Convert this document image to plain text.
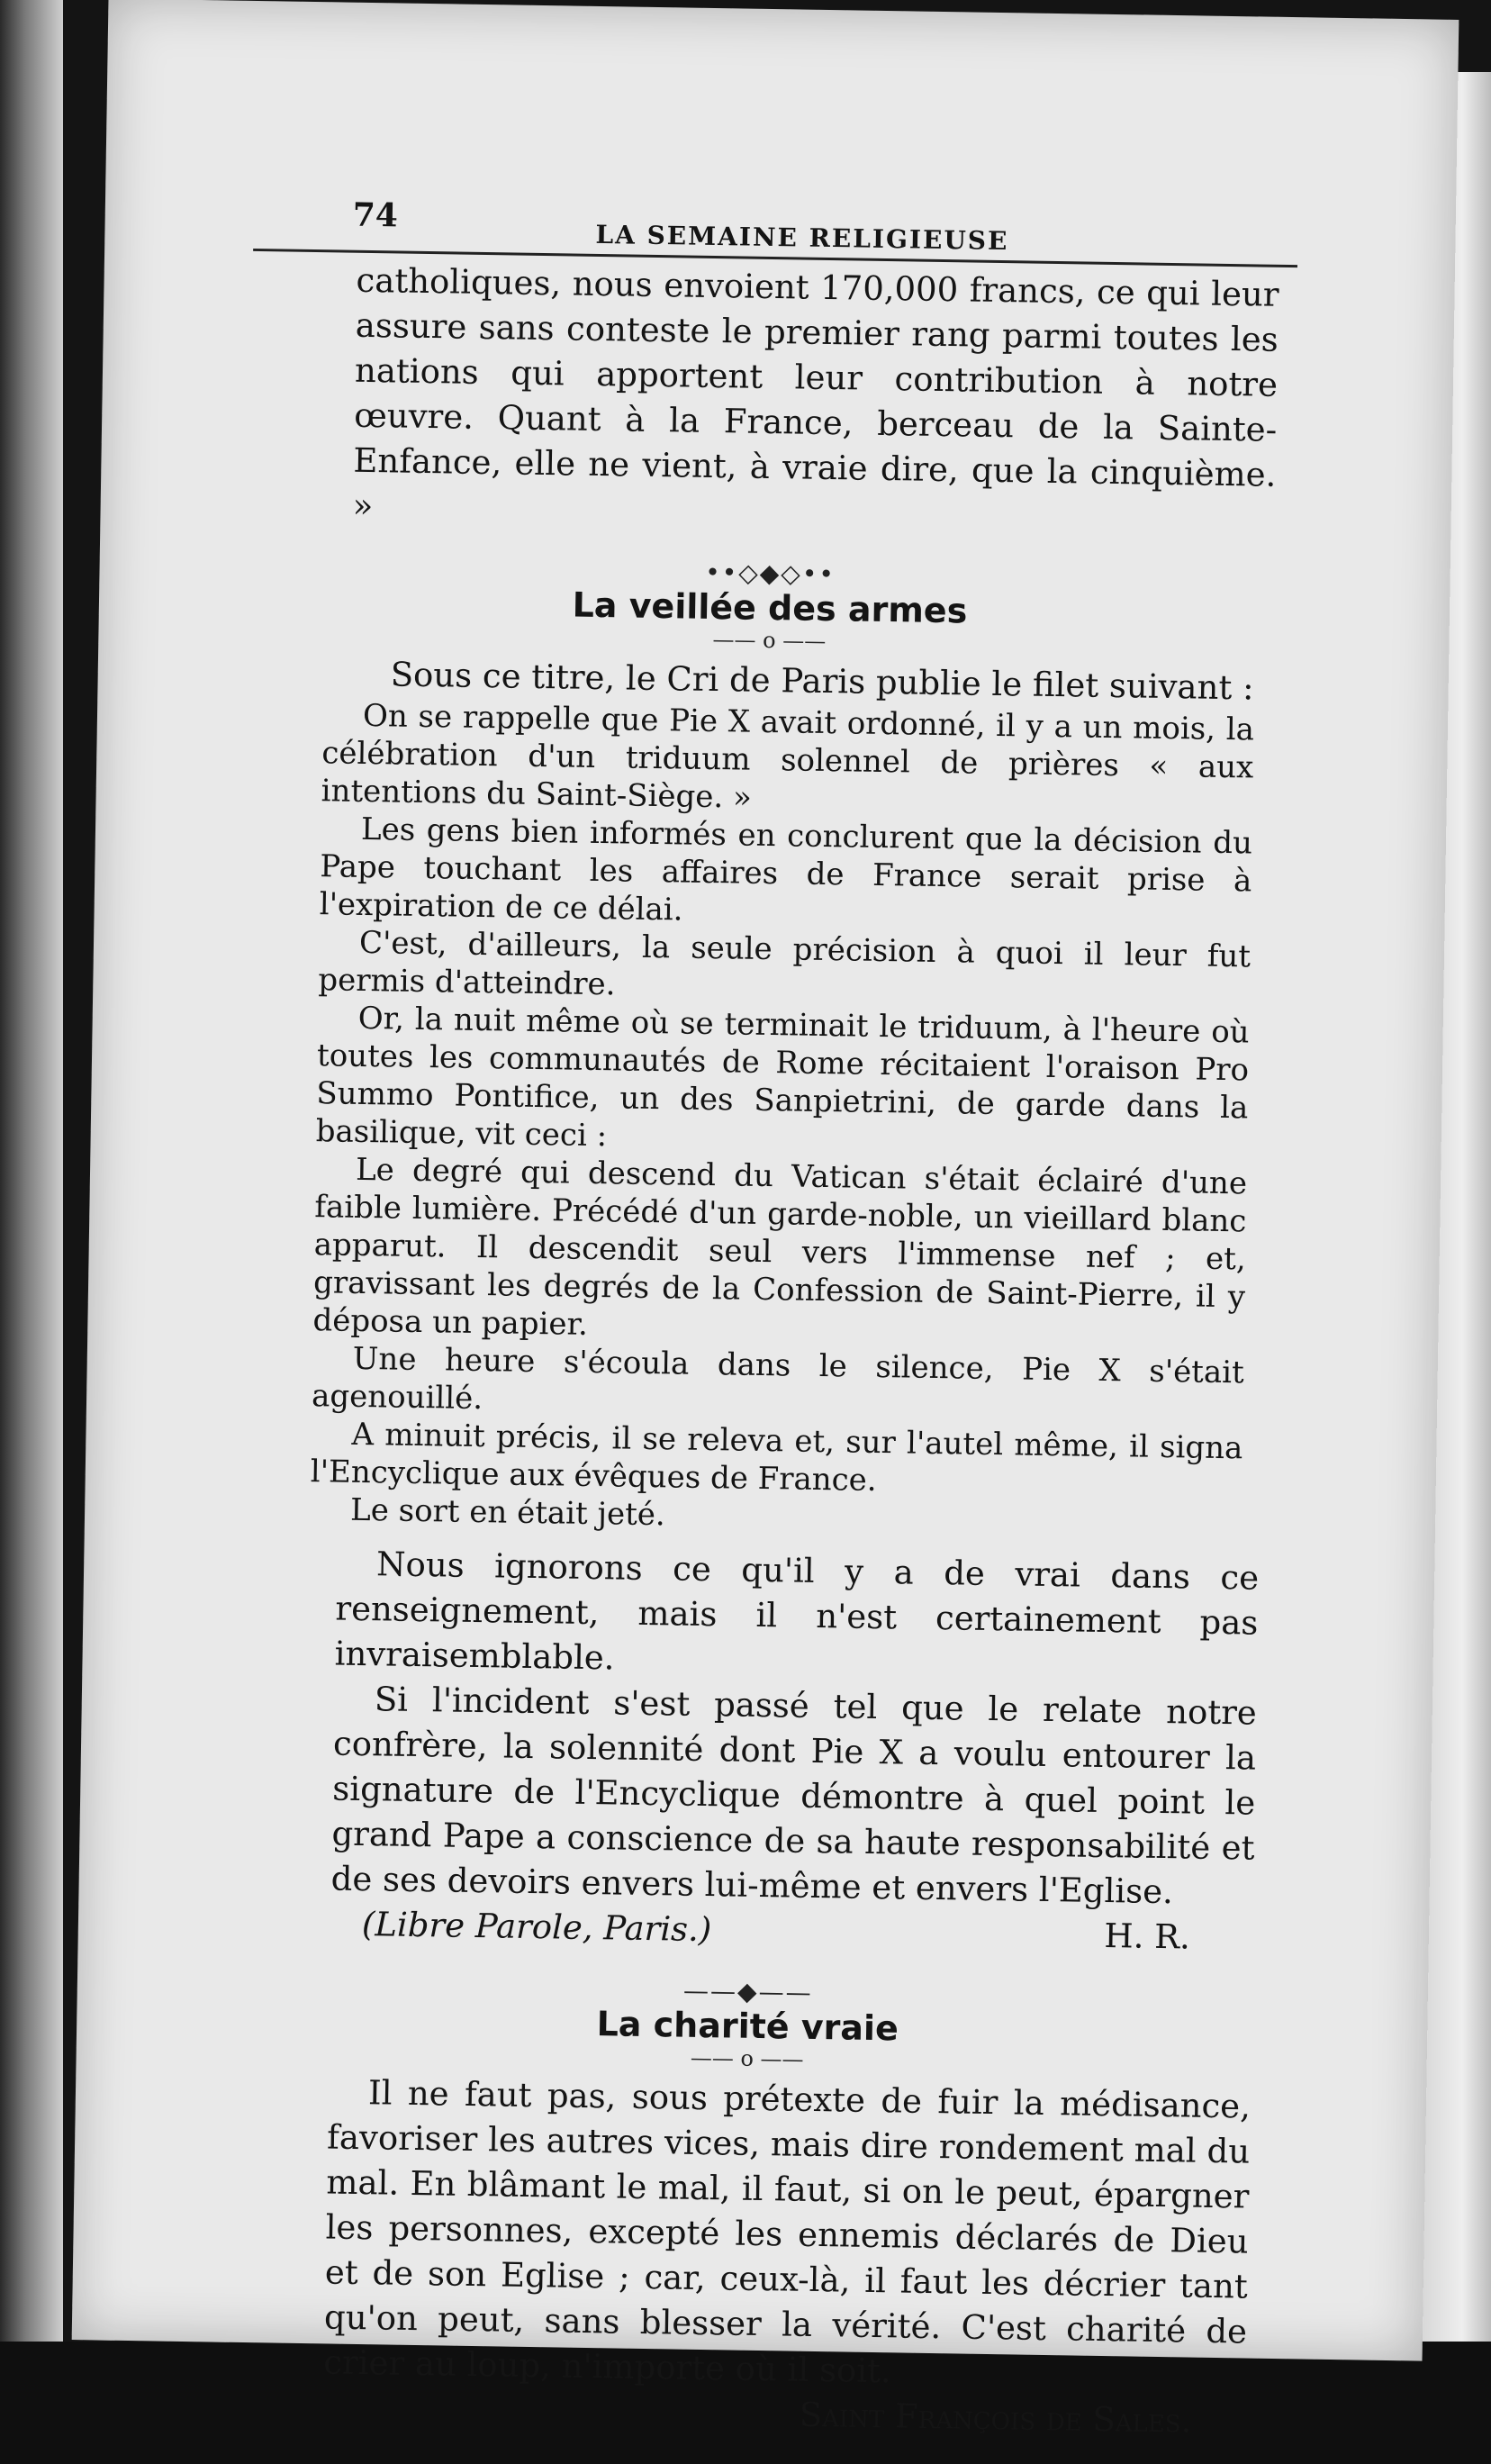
74
LA SEMAINE RELIGIEUSE

catholiques, nous envoient 170,000 francs, ce qui leur assure sans conteste le premier rang parmi toutes les nations qui apportent leur contribution à notre œuvre. Quant à la France, berceau de la Sainte-Enfance, elle ne vient, à vraie dire, que la cinquième. »

••◇◆◇••
La veillée des armes
—— o ——

Sous ce titre, le Cri de Paris publie le filet suivant :

On se rappelle que Pie X avait ordonné, il y a un mois, la célébration d'un triduum solennel de prières « aux intentions du Saint-Siège. »

Les gens bien informés en conclurent que la décision du Pape touchant les affaires de France serait prise à l'expiration de ce délai.

C'est, d'ailleurs, la seule précision à quoi il leur fut permis d'atteindre.

Or, la nuit même où se terminait le triduum, à l'heure où toutes les communautés de Rome récitaient l'oraison Pro Summo Pontifice, un des Sanpietrini, de garde dans la basilique, vit ceci :

Le degré qui descend du Vatican s'était éclairé d'une faible lumière. Précédé d'un garde-noble, un vieillard blanc apparut. Il descendit seul vers l'immense nef ; et, gravissant les degrés de la Confession de Saint-Pierre, il y déposa un papier.

Une heure s'écoula dans le silence, Pie X s'était agenouillé.

A minuit précis, il se releva et, sur l'autel même, il signa l'Encyclique aux évêques de France.

Le sort en était jeté.

Nous ignorons ce qu'il y a de vrai dans ce renseignement, mais il n'est certainement pas invraisemblable.

Si l'incident s'est passé tel que le relate notre confrère, la solennité dont Pie X a voulu entourer la signature de l'Encyclique démontre à quel point le grand Pape a conscience de sa haute responsabilité et de ses devoirs envers lui-même et envers l'Eglise.

(Libre Parole, Paris.)	H. R.
——◆——
La charité vraie
—— o ——

Il ne faut pas, sous prétexte de fuir la médisance, favoriser les autres vices, mais dire rondement mal du mal. En blâmant le mal, il faut, si on le peut, épargner les personnes, excepté les ennemis déclarés de Dieu et de son Eglise ; car, ceux-là, il faut les décrier tant qu'on peut, sans blesser la vérité. C'est charité de crier au loup, n'importe où il soit.

Saint François de Sales.
